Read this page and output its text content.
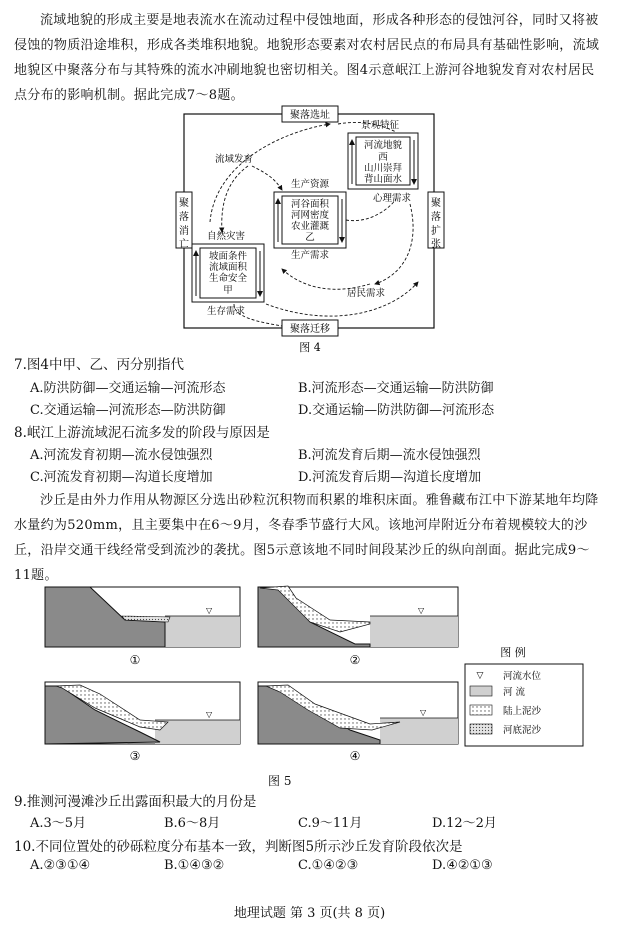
流域地貌的形成主要是地表流水在流动过程中侵蚀地面，形成各种形态的侵蚀河谷，同时又将被侵蚀的物质沿途堆积，形成各类堆积地貌。地貌形态要素对农村居民点的布局具有基础性影响，流域地貌区中聚落分布与其特殊的流水冲刷地貌也密切相关。图4示意岷江上游河谷地貌发育对农村居民点分布的影响机制。据此完成7～8题。
聚落选址
聚落迁移
聚落消亡
聚落扩张
景观特征
河流地貌
西
山川崇拜
背山面水
心理需求
生产资源
河谷面积
河网密度
农业灌溉
乙
生产需求
自然灾害
坡面条件
流域面积
生命安全
甲
生存需求
流域发育
居民需求
图 4
7.图4中甲、乙、丙分别指代
A.防洪防御—交通运输—河流形态	B.河流形态—交通运输—防洪防御
C.交通运输—河流形态—防洪防御	D.交通运输—防洪防御—河流形态
8.岷江上游流域泥石流多发的阶段与原因是
A.河流发育初期—流水侵蚀强烈	B.河流发育后期—流水侵蚀强烈
C.河流发育初期—沟道长度增加	D.河流发育后期—沟道长度增加
沙丘是由外力作用从物源区分选出砂粒沉积物而积累的堆积床面。雅鲁藏布江中下游某地年均降水量约为520mm，且主要集中在6～9月，冬春季节盛行大风。该地河岸附近分布着规模较大的沙丘，沿岸交通干线经常受到流沙的袭扰。图5示意该地不同时间段某沙丘的纵向剖面。据此完成9～11题。
▽
①
▽
②
▽
③
▽
④
图 例
▽ 河流水位
河 流
陆上泥沙
河底泥沙
图 5
9.推测河漫滩沙丘出露面积最大的月份是
A.3～5月	B.6～8月	C.9～11月	D.12～2月
10.不同位置处的砂砾粒度分布基本一致，判断图5所示沙丘发育阶段依次是
A.②③①④	B.①④③②	C.①④②③	D.④②①③
地理试题 第 3 页(共 8 页)
